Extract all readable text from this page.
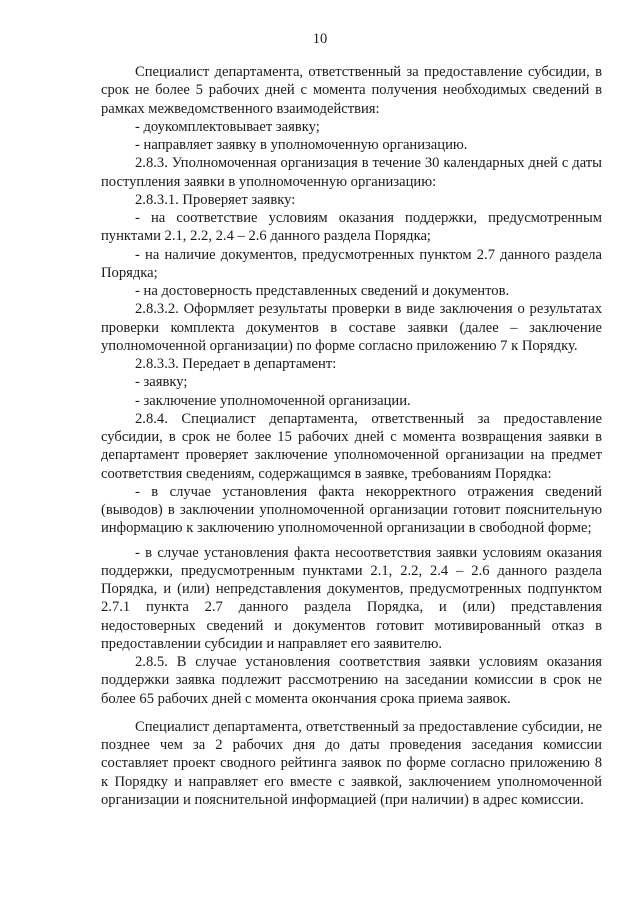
10

Специалист департамента, ответственный за предоставление субсидии, в срок не более 5 рабочих дней с момента получения необходимых сведений в рамках межведомственного взаимодействия:

- доукомплектовывает заявку;

- направляет заявку в уполномоченную организацию.

2.8.3. Уполномоченная организация в течение 30 календарных дней с даты поступления заявки в уполномоченную организацию:

2.8.3.1. Проверяет заявку:

- на соответствие условиям оказания поддержки, предусмотренным пунктами 2.1, 2.2, 2.4 – 2.6 данного раздела Порядка;

- на наличие документов, предусмотренных пунктом 2.7 данного раздела Порядка;

- на достоверность представленных сведений и документов.

2.8.3.2. Оформляет результаты проверки в виде заключения о результатах проверки комплекта документов в составе заявки (далее – заключение уполномоченной организации) по форме согласно приложению 7 к Порядку.

2.8.3.3. Передает в департамент:

- заявку;

- заключение уполномоченной организации.

2.8.4. Специалист департамента, ответственный за предоставление субсидии, в срок не более 15 рабочих дней с момента возвращения заявки в департамент проверяет заключение уполномоченной организации на предмет соответствия сведениям, содержащимся в заявке, требованиям Порядка:

- в случае установления факта некорректного отражения сведений (выводов) в заключении уполномоченной организации готовит пояснительную информацию к заключению уполномоченной организации в свободной форме;

- в случае установления факта несоответствия заявки условиям оказания поддержки, предусмотренным пунктами 2.1, 2.2, 2.4 – 2.6 данного раздела Порядка, и (или) непредставления документов, предусмотренных подпунктом 2.7.1 пункта 2.7 данного раздела Порядка, и (или) представления недостоверных сведений и документов готовит мотивированный отказ в предоставлении субсидии и направляет его заявителю.

2.8.5. В случае установления соответствия заявки условиям оказания поддержки заявка подлежит рассмотрению на заседании комиссии в срок не более 65 рабочих дней с момента окончания срока приема заявок.

Специалист департамента, ответственный за предоставление субсидии, не позднее чем за 2 рабочих дня до даты проведения заседания комиссии составляет проект сводного рейтинга заявок по форме согласно приложению 8 к Порядку и направляет его вместе с заявкой, заключением уполномоченной организации и пояснительной информацией (при наличии) в адрес комиссии.
